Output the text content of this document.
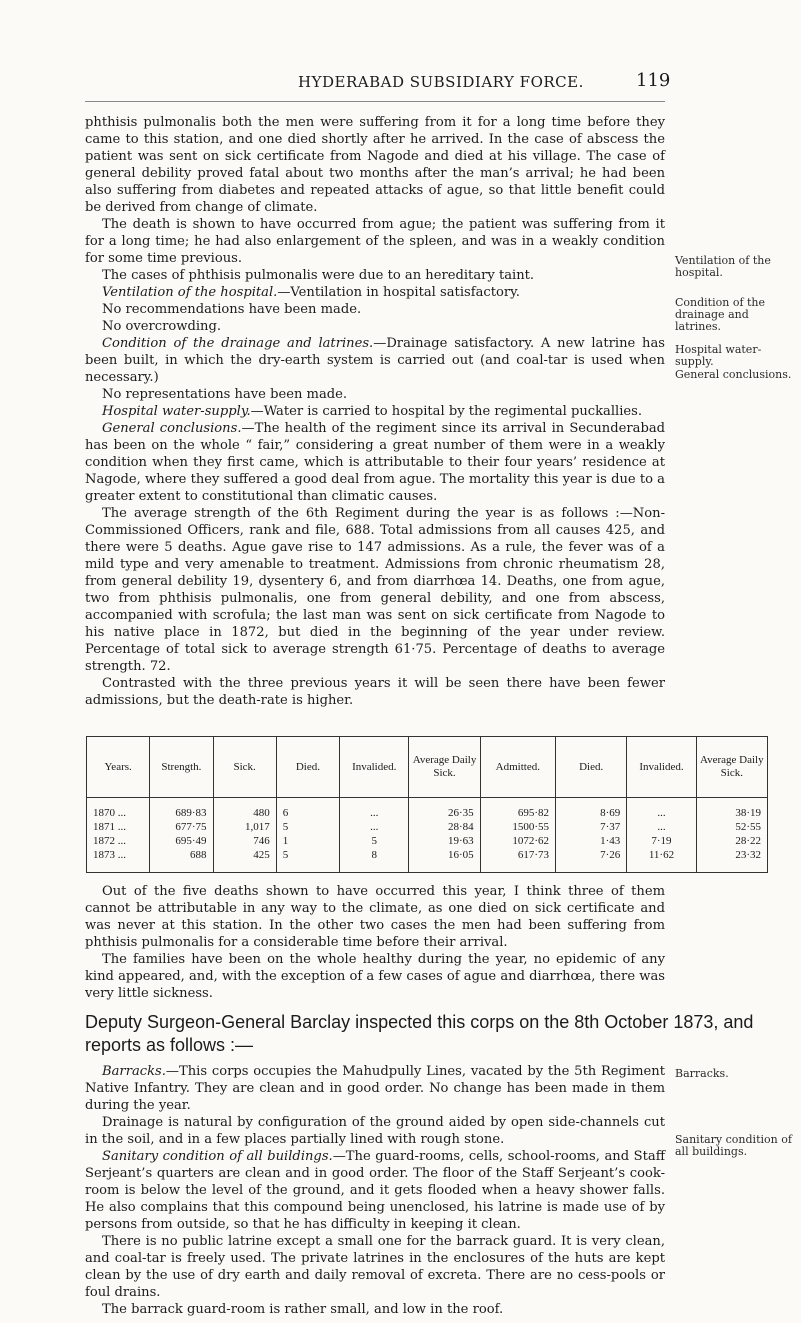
HYDERABAD SUBSIDIARY FORCE.	119

phthisis pulmonalis both the men were suffering from it for a long time before they came to this station, and one died shortly after he arrived. In the case of abscess the patient was sent on sick certificate from Nagode and died at his village. The case of general debility proved fatal about two months after the man’s arrival; he had been also suffering from diabetes and repeated attacks of ague, so that little benefit could be derived from change of climate.

The death is shown to have occurred from ague; the patient was suffering from it for a long time; he had also enlargement of the spleen, and was in a weakly condition for some time previous.

The cases of phthisis pulmonalis were due to an hereditary taint.

Ventilation of the hospital.—Ventilation in hospital satisfactory.

No recommendations have been made.

No overcrowding.

Condition of the drainage and latrines.—Drainage satisfactory. A new latrine has been built, in which the dry-earth system is carried out (and coal-tar is used when necessary.)

No representations have been made.

Hospital water-supply.—Water is carried to hospital by the regimental puckallies.

General conclusions.—The health of the regiment since its arrival in Secunderabad has been on the whole “ fair,” considering a great number of them were in a weakly condition when they first came, which is attributable to their four years’ residence at Nagode, where they suffered a good deal from ague. The mortality this year is due to a greater extent to constitutional than climatic causes.

The average strength of the 6th Regiment during the year is as follows :—Non-Commissioned Officers, rank and file, 688. Total admissions from all causes 425, and there were 5 deaths. Ague gave rise to 147 admissions. As a rule, the fever was of a mild type and very amenable to treatment. Admissions from chronic rheumatism 28, from general debility 19, dysentery 6, and from diarrhœa 14. Deaths, one from ague, two from phthisis pulmonalis, one from general debility, and one from abscess, accompanied with scrofula; the last man was sent on sick certificate from Nagode to his native place in 1872, but died in the beginning of the year under review. Percentage of total sick to average strength 61·75. Percentage of deaths to average strength. 72.

Contrasted with the three previous years it will be seen there have been fewer admissions, but the death-rate is higher.

Ventilation of the hospital.
Condition of the drainage and latrines.
Hospital water-supply.
General conclusions.
Years.	Strength.	Sick.	Died.	Invalided.	Average Daily Sick.	Admitted.	Died.	Invalided.	Average Daily Sick.
1870 ...	689·83	480	6	...	26·35	695·82	8·69	...	38·19
1871 ...	677·75	1,017	5	...	28·84	1500·55	7·37	...	52·55
1872 ...	695·49	746	1	5	19·63	1072·62	1·43	7·19	28·22
1873 ...	688	425	5	8	16·05	617·73	7·26	11·62	23·32

Out of the five deaths shown to have occurred this year, I think three of them cannot be attributable in any way to the climate, as one died on sick certificate and was never at this station. In the other two cases the men had been suffering from phthisis pulmonalis for a considerable time before their arrival.

The families have been on the whole healthy during the year, no epidemic of any kind appeared, and, with the exception of a few cases of ague and diarrhœa, there was very little sickness.

Deputy Surgeon-General Barclay inspected this corps on the 8th October 1873, and reports as follows :—

Barracks.—This corps occupies the Mahudpully Lines, vacated by the 5th Regiment Native Infantry. They are clean and in good order. No change has been made in them during the year.

Drainage is natural by configuration of the ground aided by open side-channels cut in the soil, and in a few places partially lined with rough stone.

Sanitary condition of all buildings.—The guard-rooms, cells, school-rooms, and Staff Serjeant’s quarters are clean and in good order. The floor of the Staff Serjeant’s cook-room is below the level of the ground, and it gets flooded when a heavy shower falls. He also complains that this compound being unenclosed, his latrine is made use of by persons from outside, so that he has difficulty in keeping it clean.

There is no public latrine except a small one for the barrack guard. It is very clean, and coal-tar is freely used. The private latrines in the enclosures of the huts are kept clean by the use of dry earth and daily removal of excreta. There are no cess-pools or foul drains.

The barrack guard-room is rather small, and low in the roof.

Barracks.
Sanitary condition of all buildings.
